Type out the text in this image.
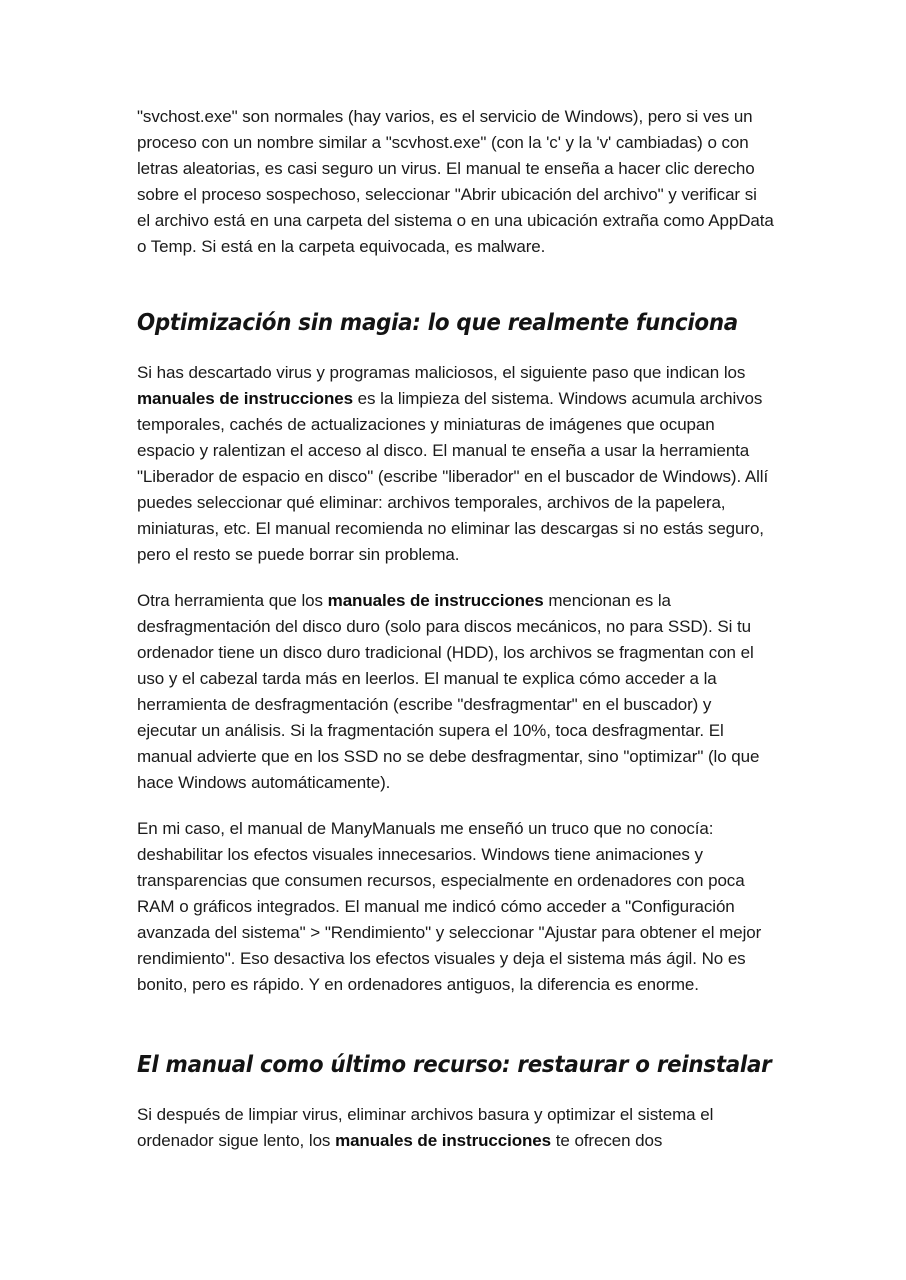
"svchost.exe" son normales (hay varios, es el servicio de Windows), pero si ves un proceso con un nombre similar a "scvhost.exe" (con la 'c' y la 'v' cambiadas) o con letras aleatorias, es casi seguro un virus. El manual te enseña a hacer clic derecho sobre el proceso sospechoso, seleccionar "Abrir ubicación del archivo" y verificar si el archivo está en una carpeta del sistema o en una ubicación extraña como AppData o Temp. Si está en la carpeta equivocada, es malware.

Optimización sin magia: lo que realmente funciona

Si has descartado virus y programas maliciosos, el siguiente paso que indican los manuales de instrucciones es la limpieza del sistema. Windows acumula archivos temporales, cachés de actualizaciones y miniaturas de imágenes que ocupan espacio y ralentizan el acceso al disco. El manual te enseña a usar la herramienta "Liberador de espacio en disco" (escribe "liberador" en el buscador de Windows). Allí puedes seleccionar qué eliminar: archivos temporales, archivos de la papelera, miniaturas, etc. El manual recomienda no eliminar las descargas si no estás seguro, pero el resto se puede borrar sin problema.

Otra herramienta que los manuales de instrucciones mencionan es la desfragmentación del disco duro (solo para discos mecánicos, no para SSD). Si tu ordenador tiene un disco duro tradicional (HDD), los archivos se fragmentan con el uso y el cabezal tarda más en leerlos. El manual te explica cómo acceder a la herramienta de desfragmentación (escribe "desfragmentar" en el buscador) y ejecutar un análisis. Si la fragmentación supera el 10%, toca desfragmentar. El manual advierte que en los SSD no se debe desfragmentar, sino "optimizar" (lo que hace Windows automáticamente).

En mi caso, el manual de ManyManuals me enseñó un truco que no conocía: deshabilitar los efectos visuales innecesarios. Windows tiene animaciones y transparencias que consumen recursos, especialmente en ordenadores con poca RAM o gráficos integrados. El manual me indicó cómo acceder a "Configuración avanzada del sistema" > "Rendimiento" y seleccionar "Ajustar para obtener el mejor rendimiento". Eso desactiva los efectos visuales y deja el sistema más ágil. No es bonito, pero es rápido. Y en ordenadores antiguos, la diferencia es enorme.

El manual como último recurso: restaurar o reinstalar

Si después de limpiar virus, eliminar archivos basura y optimizar el sistema el ordenador sigue lento, los manuales de instrucciones te ofrecen dos
